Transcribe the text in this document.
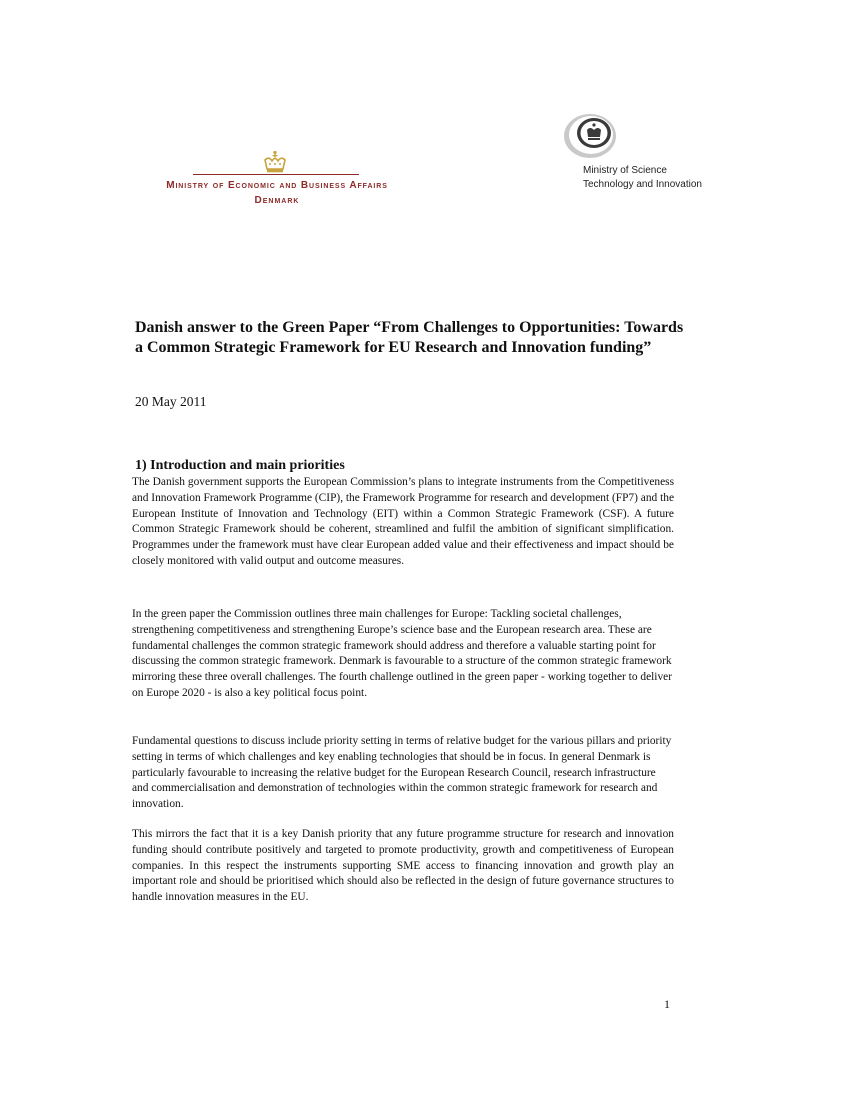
Ministry of Economic and Business Affairs
Denmark
Ministry of Science
Technology and Innovation
Danish answer to the Green Paper “From Challenges to Opportunities: Towards a Common Strategic Framework for EU Research and Innovation funding”
20 May 2011
1) Introduction and main priorities

The Danish government supports the European Commission’s plans to integrate instruments from the Competitiveness and Innovation Framework Programme (CIP), the Framework Programme for research and development (FP7) and the European Institute of Innovation and Technology (EIT) within a Common Strategic Framework (CSF). A future Common Strategic Framework should be coherent, streamlined and fulfil the ambition of significant simplification. Programmes under the framework must have clear European added value and their effectiveness and impact should be closely monitored with valid output and outcome measures.

In the green paper the Commission outlines three main challenges for Europe: Tackling societal challenges, strengthening competitiveness and strengthening Europe’s science base and the European research area. These are fundamental challenges the common strategic framework should address and therefore a valuable starting point for discussing the common strategic framework. Denmark is favourable to a structure of the common strategic framework mirroring these three overall challenges. The fourth challenge outlined in the green paper - working together to deliver on Europe 2020 - is also a key political focus point.

Fundamental questions to discuss include priority setting in terms of relative budget for the various pillars and priority setting in terms of which challenges and key enabling technologies that should be in focus. In general Denmark is particularly favourable to increasing the relative budget for the European Research Council, research infrastructure and commercialisation and demonstration of technologies within the common strategic framework for research and innovation.

This mirrors the fact that it is a key Danish priority that any future programme structure for research and innovation funding should contribute positively and targeted to promote productivity, growth and competitiveness of European companies. In this respect the instruments supporting SME access to financing innovation and growth play an important role and should be prioritised which should also be reflected in the design of future governance structures to handle innovation measures in the EU.

1
